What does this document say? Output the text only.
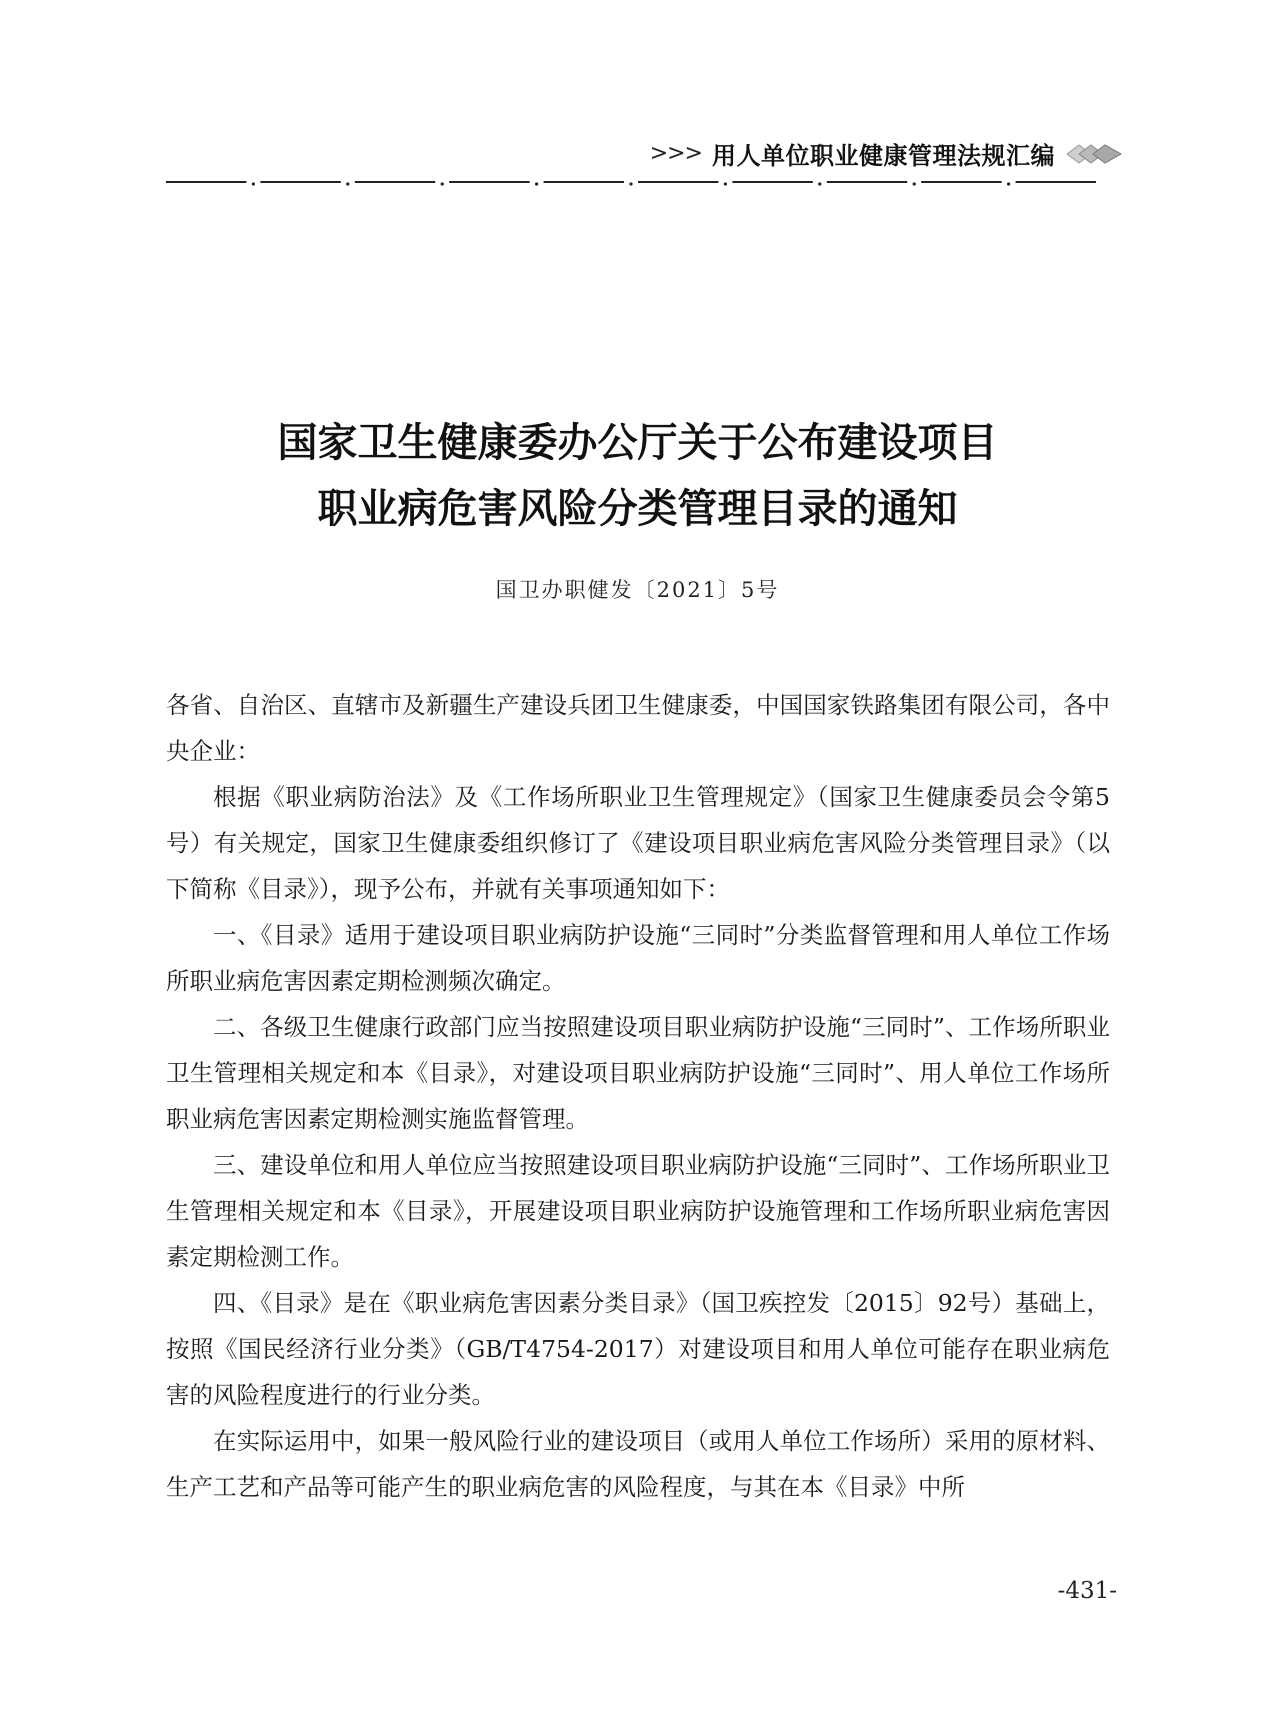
>>> 用人单位职业健康管理法规汇编
国家卫生健康委办公厅关于公布建设项目
职业病危害风险分类管理目录的通知
国卫办职健发〔2021〕5号

各省、自治区、直辖市及新疆生产建设兵团卫生健康委，中国国家铁路集团有限公司，各中央企业：

根据《职业病防治法》及《工作场所职业卫生管理规定》（国家卫生健康委员会令第5号）有关规定，国家卫生健康委组织修订了《建设项目职业病危害风险分类管理目录》（以下简称《目录》），现予公布，并就有关事项通知如下：

一、《目录》适用于建设项目职业病防护设施“三同时”分类监督管理和用人单位工作场所职业病危害因素定期检测频次确定。

二、各级卫生健康行政部门应当按照建设项目职业病防护设施“三同时”、工作场所职业卫生管理相关规定和本《目录》，对建设项目职业病防护设施“三同时”、用人单位工作场所职业病危害因素定期检测实施监督管理。

三、建设单位和用人单位应当按照建设项目职业病防护设施“三同时”、工作场所职业卫生管理相关规定和本《目录》，开展建设项目职业病防护设施管理和工作场所职业病危害因素定期检测工作。

四、《目录》是在《职业病危害因素分类目录》（国卫疾控发〔2015〕92号）基础上，按照《国民经济行业分类》（GB/T4754-2017）对建设项目和用人单位可能存在职业病危害的风险程度进行的行业分类。

在实际运用中，如果一般风险行业的建设项目（或用人单位工作场所）采用的原材料、生产工艺和产品等可能产生的职业病危害的风险程度，与其在本《目录》中所

-431-
